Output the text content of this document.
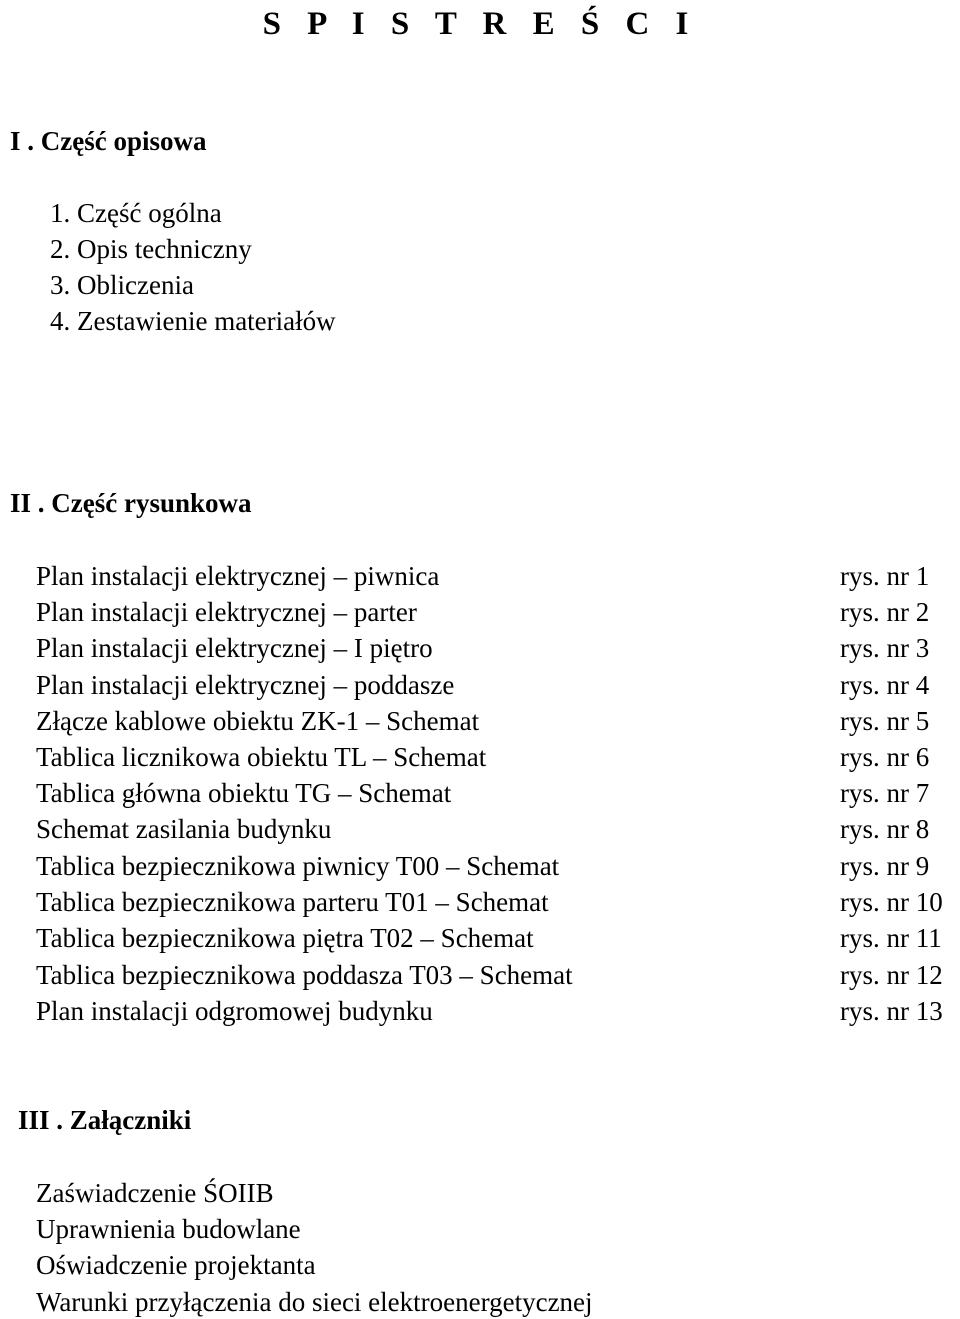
S P I S T R E Ś C I
I . Część opisowa
1. Część ogólna
2. Opis techniczny
3. Obliczenia
4. Zestawienie materiałów
II . Część rysunkowa
Plan instalacji elektrycznej – piwnica	rys. nr 1
Plan instalacji elektrycznej – parter	rys. nr 2
Plan instalacji elektrycznej – I piętro	rys. nr 3
Plan instalacji elektrycznej – poddasze	rys. nr 4
Złącze kablowe obiektu ZK-1 – Schemat	rys. nr 5
Tablica licznikowa obiektu TL – Schemat	rys. nr 6
Tablica główna obiektu TG – Schemat	rys. nr 7
Schemat zasilania budynku	rys. nr 8
Tablica bezpiecznikowa piwnicy T00 – Schemat	rys. nr 9
Tablica bezpiecznikowa parteru T01 – Schemat	rys. nr 10
Tablica bezpiecznikowa piętra T02 – Schemat	rys. nr 11
Tablica bezpiecznikowa poddasza T03 – Schemat	rys. nr 12
Plan instalacji odgromowej budynku	rys. nr 13
III . Załączniki
Zaświadczenie ŚOIIB
Uprawnienia budowlane
Oświadczenie projektanta
Warunki przyłączenia do sieci elektroenergetycznej
